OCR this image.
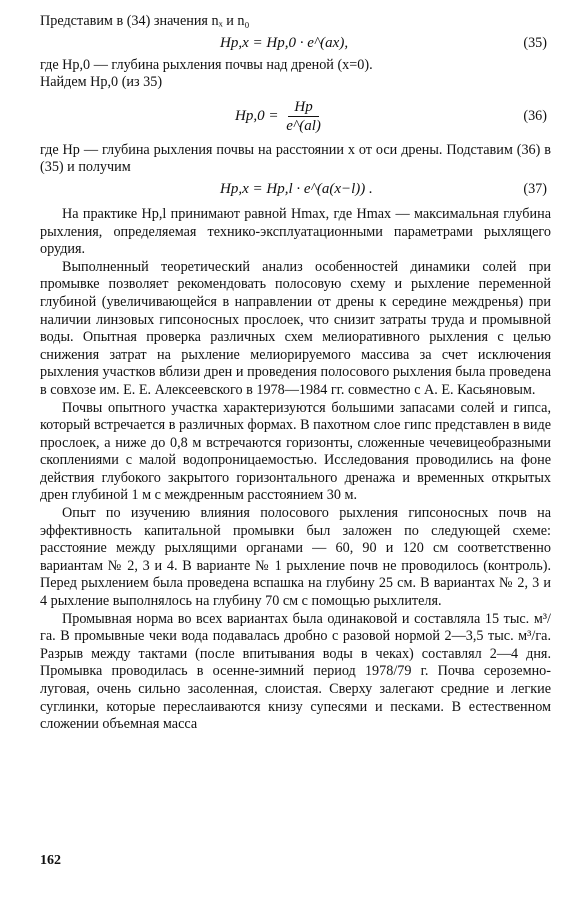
Представим в (34) значения nₓ и n₀

Hp,x = Hp,0 · e^(ax),	(35)

где Hp,0 — глубина рыхления почвы над дреной (x=0).

Найдем Hp,0 (из 35)

$Hp,0 = \frac{Hp}{e\^{}(al)}$	(36)

где Hp — глубина рыхления почвы на расстоянии x от оси дрены. Подставим (36) в (35) и получим

Hp,x = Hp,l · e^(a(x−l)) .	(37)

На практике Hp,l принимают равной Hmax, где Hmax — максимальная глубина рыхления, определяемая технико-эксплуатационными параметрами рыхлящего орудия.

Выполненный теоретический анализ особенностей динамики солей при промывке позволяет рекомендовать полосовую схему и рыхление переменной глубиной (увеличивающейся в направлении от дрены к середине междренья) при наличии линзовых гипсоносных прослоек, что снизит затраты труда и промывной воды. Опытная проверка различных схем мелиоративного рыхления с целью снижения затрат на рыхление мелиорируемого массива за счет исключения рыхления участков вблизи дрен и проведения полосового рыхления была проведена в совхозе им. Е. Е. Алексеевского в 1978—1984 гг. совместно с А. Е. Касьяновым.

Почвы опытного участка характеризуются большими запасами солей и гипса, который встречается в различных формах. В пахотном слое гипс представлен в виде прослоек, а ниже до 0,8 м встречаются горизонты, сложенные чечевицеобразными скоплениями с малой водопроницаемостью. Исследования проводились на фоне действия глубокого закрытого горизонтального дренажа и временных открытых дрен глубиной 1 м с междренным расстоянием 30 м.

Опыт по изучению влияния полосового рыхления гипсоносных почв на эффективность капитальной промывки был заложен по следующей схеме: расстояние между рыхлящими органами — 60, 90 и 120 см соответственно вариантам № 2, 3 и 4. В варианте № 1 рыхление почв не проводилось (контроль). Перед рыхлением была проведена вспашка на глубину 25 см. В вариантах № 2, 3 и 4 рыхление выполнялось на глубину 70 см с помощью рыхлителя.

Промывная норма во всех вариантах была одинаковой и составляла 15 тыс. м³/га. В промывные чеки вода подавалась дробно с разовой нормой 2—3,5 тыс. м³/га. Разрыв между тактами (после впитывания воды в чеках) составлял 2—4 дня. Промывка проводилась в осенне-зимний период 1978/79 г. Почва сероземно-луговая, очень сильно засоленная, слоистая. Сверху залегают средние и легкие суглинки, которые переслаиваются книзу супесями и песками. В естественном сложении объемная масса

162
